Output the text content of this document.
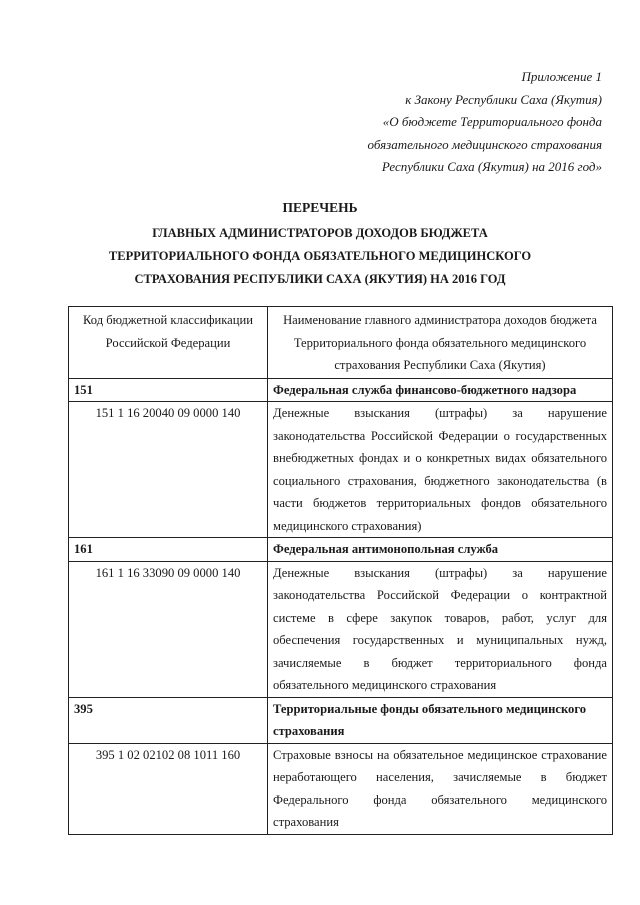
Приложение 1
к Закону Республики Саха (Якутия)
«О бюджете Территориального фонда
обязательного медицинского страхования
Республики Саха (Якутия) на 2016 год»
ПЕРЕЧЕНЬ
ГЛАВНЫХ АДМИНИСТРАТОРОВ ДОХОДОВ БЮДЖЕТА
ТЕРРИТОРИАЛЬНОГО ФОНДА ОБЯЗАТЕЛЬНОГО МЕДИЦИНСКОГО
СТРАХОВАНИЯ РЕСПУБЛИКИ САХА (ЯКУТИЯ) НА 2016 ГОД
Код бюджетной классификации Российской Федерации	Наименование главного администратора доходов бюджета Территориального фонда обязательного медицинского страхования Республики Саха (Якутия)
151	Федеральная служба финансово-бюджетного надзора
151 1 16 20040 09 0000 140	Денежные взыскания (штрафы) за нарушение законодательства Российской Федерации о государственных внебюджетных фондах и о конкретных видах обязательного социального страхования, бюджетного законодательства (в части бюджетов территориальных фондов обязательного медицинского страхования)
161	Федеральная антимонопольная служба
161 1 16 33090 09 0000 140	Денежные взыскания (штрафы) за нарушение законодательства Российской Федерации о контрактной системе в сфере закупок товаров, работ, услуг для обеспечения государственных и муниципальных нужд, зачисляемые в бюджет территориального фонда обязательного медицинского страхования
395	Территориальные фонды обязательного медицинского страхования
395 1 02 02102 08 1011 160	Страховые взносы на обязательное медицинское страхование неработающего населения, зачисляемые в бюджет Федерального фонда обязательного медицинского страхования
